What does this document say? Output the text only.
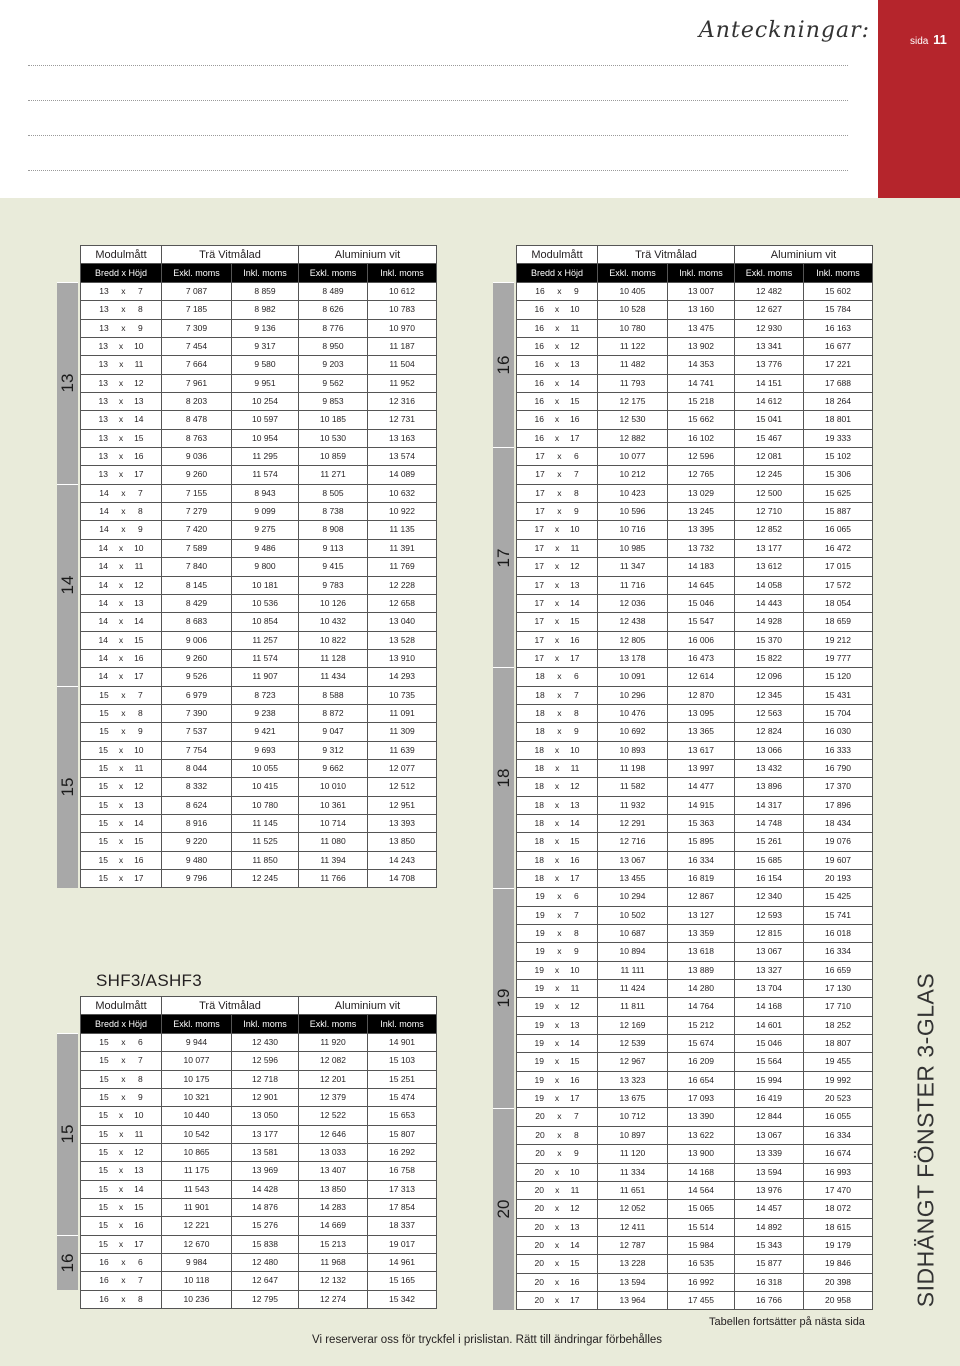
sida 11
Anteckningar:
Modulmått	Trä Vitmålad	Aluminium vit
Bredd x Höjd	Exkl. moms	Inkl. moms	Exkl. moms	Inkl. moms
13 x 7	7 087	8 859	8 489	10 612
13 x 8	7 185	8 982	8 626	10 783
13 x 9	7 309	9 136	8 776	10 970
13 x 10	7 454	9 317	8 950	11 187
13 x 11	7 664	9 580	9 203	11 504
13 x 12	7 961	9 951	9 562	11 952
13 x 13	8 203	10 254	9 853	12 316
13 x 14	8 478	10 597	10 185	12 731
13 x 15	8 763	10 954	10 530	13 163
13 x 16	9 036	11 295	10 859	13 574
13 x 17	9 260	11 574	11 271	14 089
14 x 7	7 155	8 943	8 505	10 632
14 x 8	7 279	9 099	8 738	10 922
14 x 9	7 420	9 275	8 908	11 135
14 x 10	7 589	9 486	9 113	11 391
14 x 11	7 840	9 800	9 415	11 769
14 x 12	8 145	10 181	9 783	12 228
14 x 13	8 429	10 536	10 126	12 658
14 x 14	8 683	10 854	10 432	13 040
14 x 15	9 006	11 257	10 822	13 528
14 x 16	9 260	11 574	11 128	13 910
14 x 17	9 526	11 907	11 434	14 293
15 x 7	6 979	8 723	8 588	10 735
15 x 8	7 390	9 238	8 872	11 091
15 x 9	7 537	9 421	9 047	11 309
15 x 10	7 754	9 693	9 312	11 639
15 x 11	8 044	10 055	9 662	12 077
15 x 12	8 332	10 415	10 010	12 512
15 x 13	8 624	10 780	10 361	12 951
15 x 14	8 916	11 145	10 714	13 393
15 x 15	9 220	11 525	11 080	13 850
15 x 16	9 480	11 850	11 394	14 243
15 x 17	9 796	12 245	11 766	14 708
13
14
15
Modulmått	Trä Vitmålad	Aluminium vit
Bredd x Höjd	Exkl. moms	Inkl. moms	Exkl. moms	Inkl. moms
15 x 6	9 944	12 430	11 920	14 901
15 x 7	10 077	12 596	12 082	15 103
15 x 8	10 175	12 718	12 201	15 251
15 x 9	10 321	12 901	12 379	15 474
15 x 10	10 440	13 050	12 522	15 653
15 x 11	10 542	13 177	12 646	15 807
15 x 12	10 865	13 581	13 033	16 292
15 x 13	11 175	13 969	13 407	16 758
15 x 14	11 543	14 428	13 850	17 313
15 x 15	11 901	14 876	14 283	17 854
15 x 16	12 221	15 276	14 669	18 337
15 x 17	12 670	15 838	15 213	19 017
16 x 6	9 984	12 480	11 968	14 961
16 x 7	10 118	12 647	12 132	15 165
16 x 8	10 236	12 795	12 274	15 342
15
16
Modulmått	Trä Vitmålad	Aluminium vit
Bredd x Höjd	Exkl. moms	Inkl. moms	Exkl. moms	Inkl. moms
16 x 9	10 405	13 007	12 482	15 602
16 x 10	10 528	13 160	12 627	15 784
16 x 11	10 780	13 475	12 930	16 163
16 x 12	11 122	13 902	13 341	16 677
16 x 13	11 482	14 353	13 776	17 221
16 x 14	11 793	14 741	14 151	17 688
16 x 15	12 175	15 218	14 612	18 264
16 x 16	12 530	15 662	15 041	18 801
16 x 17	12 882	16 102	15 467	19 333
17 x 6	10 077	12 596	12 081	15 102
17 x 7	10 212	12 765	12 245	15 306
17 x 8	10 423	13 029	12 500	15 625
17 x 9	10 596	13 245	12 710	15 887
17 x 10	10 716	13 395	12 852	16 065
17 x 11	10 985	13 732	13 177	16 472
17 x 12	11 347	14 183	13 612	17 015
17 x 13	11 716	14 645	14 058	17 572
17 x 14	12 036	15 046	14 443	18 054
17 x 15	12 438	15 547	14 928	18 659
17 x 16	12 805	16 006	15 370	19 212
17 x 17	13 178	16 473	15 822	19 777
18 x 6	10 091	12 614	12 096	15 120
18 x 7	10 296	12 870	12 345	15 431
18 x 8	10 476	13 095	12 563	15 704
18 x 9	10 692	13 365	12 824	16 030
18 x 10	10 893	13 617	13 066	16 333
18 x 11	11 198	13 997	13 432	16 790
18 x 12	11 582	14 477	13 896	17 370
18 x 13	11 932	14 915	14 317	17 896
18 x 14	12 291	15 363	14 748	18 434
18 x 15	12 716	15 895	15 261	19 076
18 x 16	13 067	16 334	15 685	19 607
18 x 17	13 455	16 819	16 154	20 193
19 x 6	10 294	12 867	12 340	15 425
19 x 7	10 502	13 127	12 593	15 741
19 x 8	10 687	13 359	12 815	16 018
19 x 9	10 894	13 618	13 067	16 334
19 x 10	11 111	13 889	13 327	16 659
19 x 11	11 424	14 280	13 704	17 130
19 x 12	11 811	14 764	14 168	17 710
19 x 13	12 169	15 212	14 601	18 252
19 x 14	12 539	15 674	15 046	18 807
19 x 15	12 967	16 209	15 564	19 455
19 x 16	13 323	16 654	15 994	19 992
19 x 17	13 675	17 093	16 419	20 523
20 x 7	10 712	13 390	12 844	16 055
20 x 8	10 897	13 622	13 067	16 334
20 x 9	11 120	13 900	13 339	16 674
20 x 10	11 334	14 168	13 594	16 993
20 x 11	11 651	14 564	13 976	17 470
20 x 12	12 052	15 065	14 457	18 072
20 x 13	12 411	15 514	14 892	18 615
20 x 14	12 787	15 984	15 343	19 179
20 x 15	13 228	16 535	15 877	19 846
20 x 16	13 594	16 992	16 318	20 398
20 x 17	13 964	17 455	16 766	20 958
16
17
18
19
20
SHF3/ASHF3	SIDHÄNGT FÖNSTER 3-GLAS
Tabellen fortsätter på nästa sida
Vi reserverar oss för tryckfel i prislistan. Rätt till ändringar förbehålles
